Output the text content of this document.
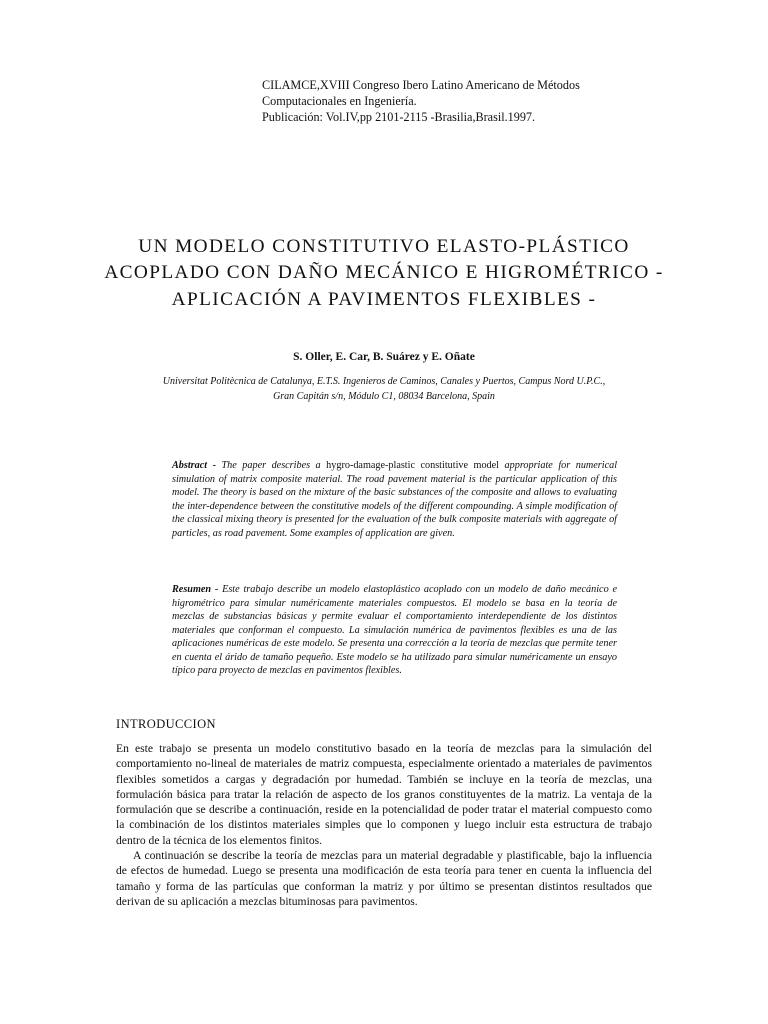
CILAMCE,XVIII Congreso Ibero Latino Americano de Métodos
Computacionales en Ingeniería.
Publicación: Vol.IV,pp 2101-2115 -Brasilia,Brasil.1997.
UN MODELO CONSTITUTIVO ELASTO-PLÁSTICO ACOPLADO CON DAÑO MECÁNICO E HIGROMÉTRICO - APLICACIÓN A PAVIMENTOS FLEXIBLES -
S. Oller, E. Car, B. Suárez y E. Oñate
Universitat Politècnica de Catalunya, E.T.S. Ingenieros de Caminos, Canales y Puertos, Campus Nord U.P.C.,
Gran Capitán s/n, Módulo C1, 08034 Barcelona, Spain
Abstract - The paper describes a hygro-damage-plastic constitutive model appropriate for numerical simulation of matrix composite material. The road pavement material is the particular application of this model. The theory is based on the mixture of the basic substances of the composite and allows to evaluating the inter-dependence between the constitutive models of the different compounding. A simple modification of the classical mixing theory is presented for the evaluation of the bulk composite materials with aggregate of particles, as road pavement. Some examples of application are given.
Resumen - Este trabajo describe un modelo elastoplástico acoplado con un modelo de daño mecánico e higrométrico para simular numéricamente materiales compuestos. El modelo se basa en la teoría de mezclas de substancias básicas y permite evaluar el comportamiento interdependiente de los distintos materiales que conforman el compuesto. La simulación numérica de pavimentos flexibles es una de las aplicaciones numéricas de este modelo. Se presenta una corrección a la teoría de mezclas que permite tener en cuenta el árido de tamaño pequeño. Este modelo se ha utilizado para simular numéricamente un ensayo típico para proyecto de mezclas en pavimentos flexibles.
INTRODUCCION

En este trabajo se presenta un modelo constitutivo basado en la teoría de mezclas para la simulación del comportamiento no-lineal de materiales de matriz compuesta, especialmente orientado a materiales de pavimentos flexibles sometidos a cargas y degradación por humedad. También se incluye en la teoría de mezclas, una formulación básica para tratar la relación de aspecto de los granos constituyentes de la matriz. La ventaja de la formulación que se describe a continuación, reside en la potencialidad de poder tratar el material compuesto como la combinación de los distintos materiales simples que lo componen y luego incluir esta estructura de trabajo dentro de la técnica de los elementos finitos.

A continuación se describe la teoría de mezclas para un material degradable y plastificable, bajo la influencia de efectos de humedad. Luego se presenta una modificación de esta teoría para tener en cuenta la influencia del tamaño y forma de las partículas que conforman la matriz y por último se presentan distintos resultados que derivan de su aplicación a mezclas bituminosas para pavimentos.
